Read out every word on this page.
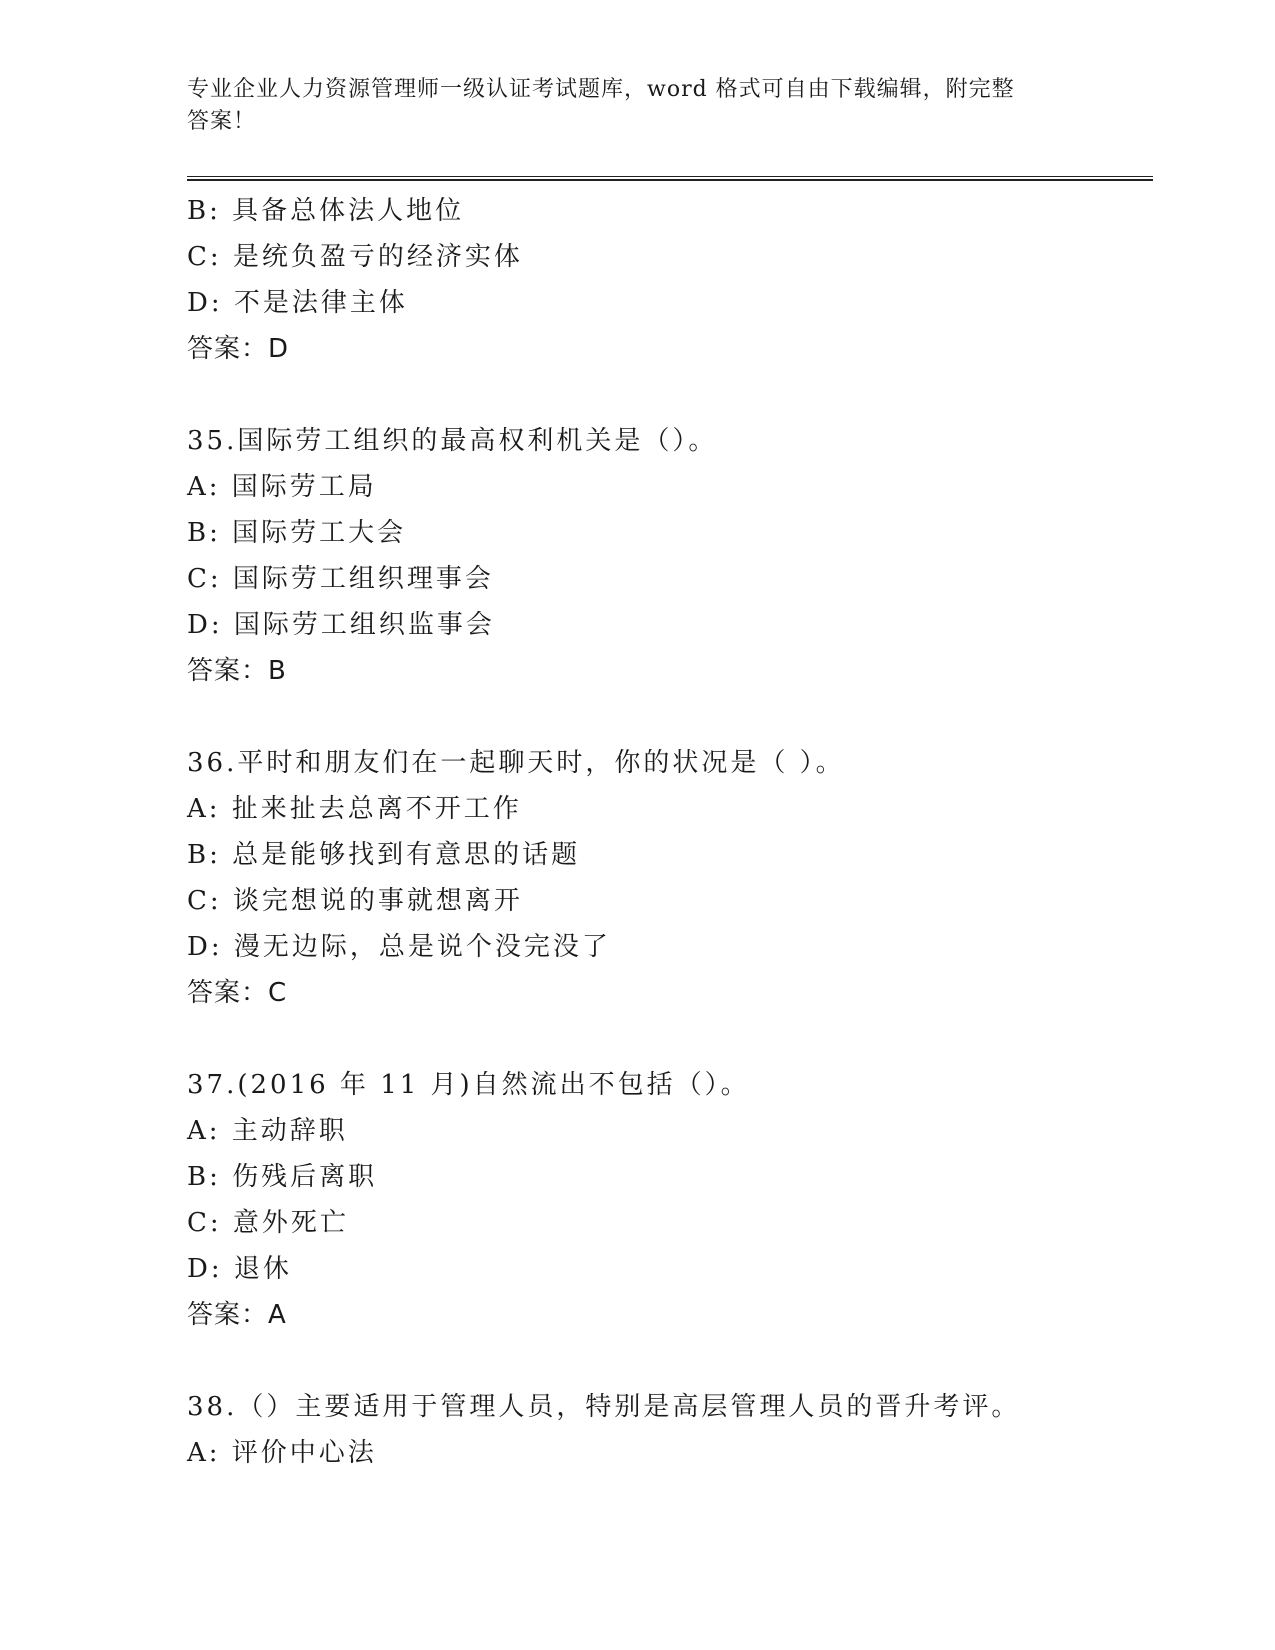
专业企业人力资源管理师一级认证考试题库，word 格式可自由下载编辑，附完整
答案！
B: 具备总体法人地位
C: 是统负盈亏的经济实体
D: 不是法律主体
答案：D
35.国际劳工组织的最高权利机关是（）。
A: 国际劳工局
B: 国际劳工大会
C: 国际劳工组织理事会
D: 国际劳工组织监事会
答案：B
36.平时和朋友们在一起聊天时，你的状况是（ ）。
A: 扯来扯去总离不开工作
B: 总是能够找到有意思的话题
C: 谈完想说的事就想离开
D: 漫无边际，总是说个没完没了
答案：C
37.(2016 年 11 月)自然流出不包括（）。
A: 主动辞职
B: 伤残后离职
C: 意外死亡
D: 退休
答案：A
38.（）主要适用于管理人员，特别是高层管理人员的晋升考评。
A: 评价中心法
